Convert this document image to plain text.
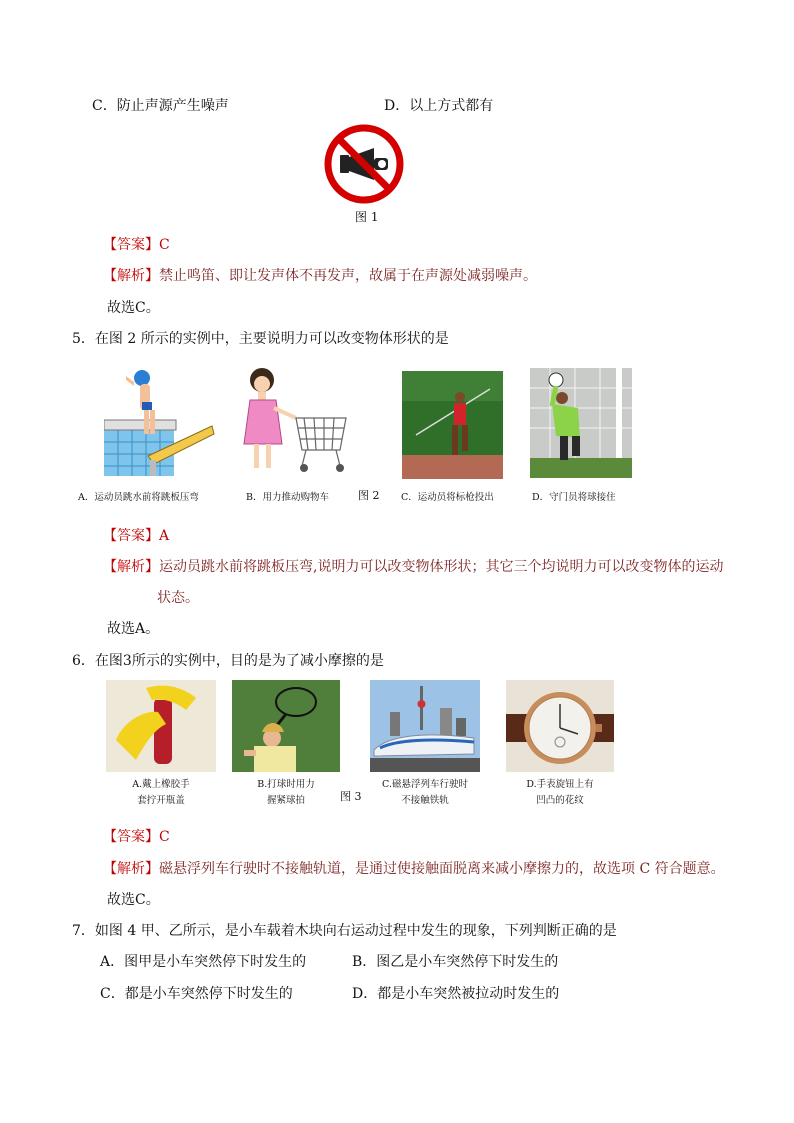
C．防止声源产生噪声	D．以上方式都有
图 1
【答案】C
【解析】禁止鸣笛、即让发声体不再发声，故属于在声源处减弱噪声。
故选C。
5．在图 2 所示的实例中，主要说明力可以改变物体形状的是
A．运动员跳水前将跳板压弯	B．用力推动购物车	图 2 C．运动员将标枪投出	D．守门员将球接住
【答案】A
【解析】运动员跳水前将跳板压弯,说明力可以改变物体形状；其它三个均说明力可以改变物体的运动
状态。
故选A。
6．在图3所示的实例中，目的是为了减小摩擦的是
A.戴上橡胶手
套拧开瓶盖
B.打球时用力
握紧球拍	图 3
C.磁悬浮列车行驶时
不接触铁轨
D.手表旋钮上有
凹凸的花纹
【答案】C
【解析】磁悬浮列车行驶时不接触轨道，是通过使接触面脱离来减小摩擦力的，故选项 C 符合题意。
故选C。
7．如图 4 甲、乙所示，是小车载着木块向右运动过程中发生的现象，下列判断正确的是
A．图甲是小车突然停下时发生的	B．图乙是小车突然停下时发生的
C．都是小车突然停下时发生的	D．都是小车突然被拉动时发生的
